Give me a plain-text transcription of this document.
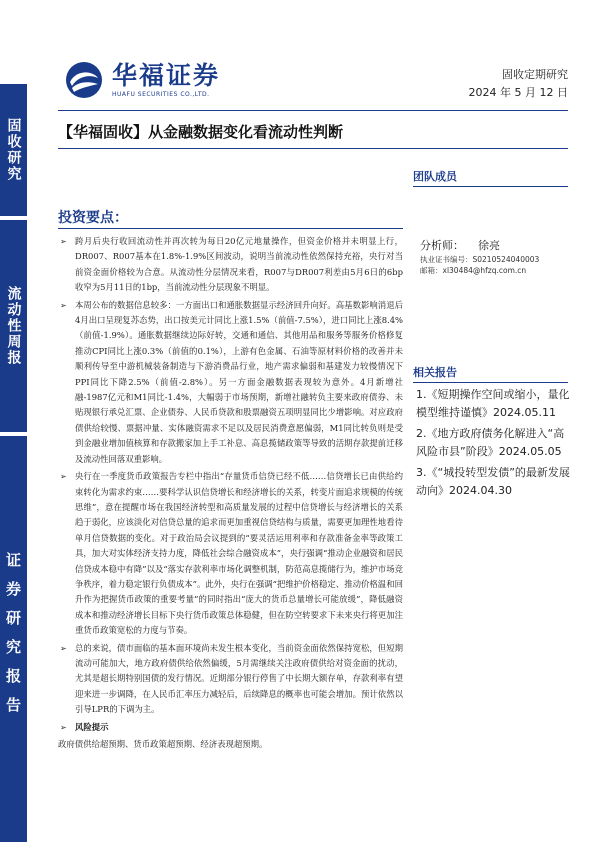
固收研究
流动性周报
证券研究报告
华福证券
HUAFU SECURITIES CO.,LTD.
固收定期研究
2024 年 5 月 12 日
【华福固收】从金融数据变化看流动性判断
团队成员
投资要点：
分析师： 徐亮
执业证书编号：S0210524040003
邮箱：xl30484@hfzq.com.cn
相关报告
1.《短期操作空间或缩小，量化模型维持谨慎》2024.05.11
2.《地方政府债务化解进入“高风险市县”阶段》2024.05.05
3.《“城投转型发债”的最新发展动向》2024.04.30
➢ 跨月后央行收回流动性并再次转为每日20亿元地量操作，但资金价格并未明显上行，DR007、R007基本在1.8%-1.9%区间波动，说明当前流动性依然保持充裕，央行对当前资金面价格较为合意。从流动性分层情况来看，R007与DR007利差由5月6日的6bp收窄为5月11日的1bp，当前流动性分层现象不明显。
➢ 本周公布的数据信息较多：一方面出口和通胀数据显示经济回升向好。高基数影响消退后4月出口呈现复苏态势，出口按美元计同比上涨1.5%（前值-7.5%），进口同比上涨8.4%（前值-1.9%）。通胀数据继续边际好转，交通和通信、其他用品和服务等服务价格修复推动CPI同比上涨0.3%（前值的0.1%），上游有色金属、石油等原材料价格的改善并未顺利传导至中游机械装备制造与下游消费品行业，地产需求偏弱和基建发力较慢情况下PPI同比下降2.5%（前值-2.8%）。另一方面金融数据表现较为意外。4月新增社融-1987亿元和M1同比-1.4%，大幅弱于市场预期，新增社融转负主要来政府债券、未贴现银行承兑汇票、企业债券、人民币贷款和股票融资五项明显同比少增影响。对应政府债供给较慢、票据冲量、实体融资需求不足以及居民消费意愿偏弱，M1同比转负则是受到金融业增加值核算和存款搬家加上手工补息、高息揽储政策等导致的活期存款提前迁移及流动性回落双重影响。
➢ 央行在一季度货币政策报告专栏中指出“存量货币信贷已经不低……信贷增长已由供给约束转化为需求约束……要科学认识信贷增长和经济增长的关系，转变片面追求规模的传统思维”，意在提醒市场在我国经济转型和高质量发展的过程中信贷增长与经济增长的关系趋于弱化，应该淡化对信贷总量的追求而更加重视信贷结构与质量，需要更加理性地看待单月信贷数据的变化。对于政治局会议提到的“要灵活运用利率和存款准备金率等政策工具，加大对实体经济支持力度，降低社会综合融资成本”，央行强调“推动企业融资和居民信贷成本稳中有降”以及“落实存款利率市场化调整机制，防范高息揽储行为，维护市场竞争秩序，着力稳定银行负债成本”。此外，央行在强调“把维护价格稳定、推动价格温和回升作为把握货币政策的重要考量”的同时指出“庞大的货币总量增长可能放缓”，降低融资成本和推动经济增长目标下央行货币政策总体稳健，但在防空转要求下未来央行将更加注重货币政策宽松的力度与节奏。
➢ 总的来说，债市面临的基本面环境尚未发生根本变化，当前资金面依然保持宽松，但短期流动可能加大，地方政府债供给依然偏缓，5月需继续关注政府债供给对资金面的扰动，尤其是超长期特别国债的发行情况。近期部分银行停售了中长期大额存单，存款利率有望迎来进一步调降，在人民币汇率压力减轻后，后续降息的概率也可能会增加。预计依然以引导LPR的下调为主。
➢ 风险提示
政府债供给超预期、货币政策超预期、经济表现超预期。
